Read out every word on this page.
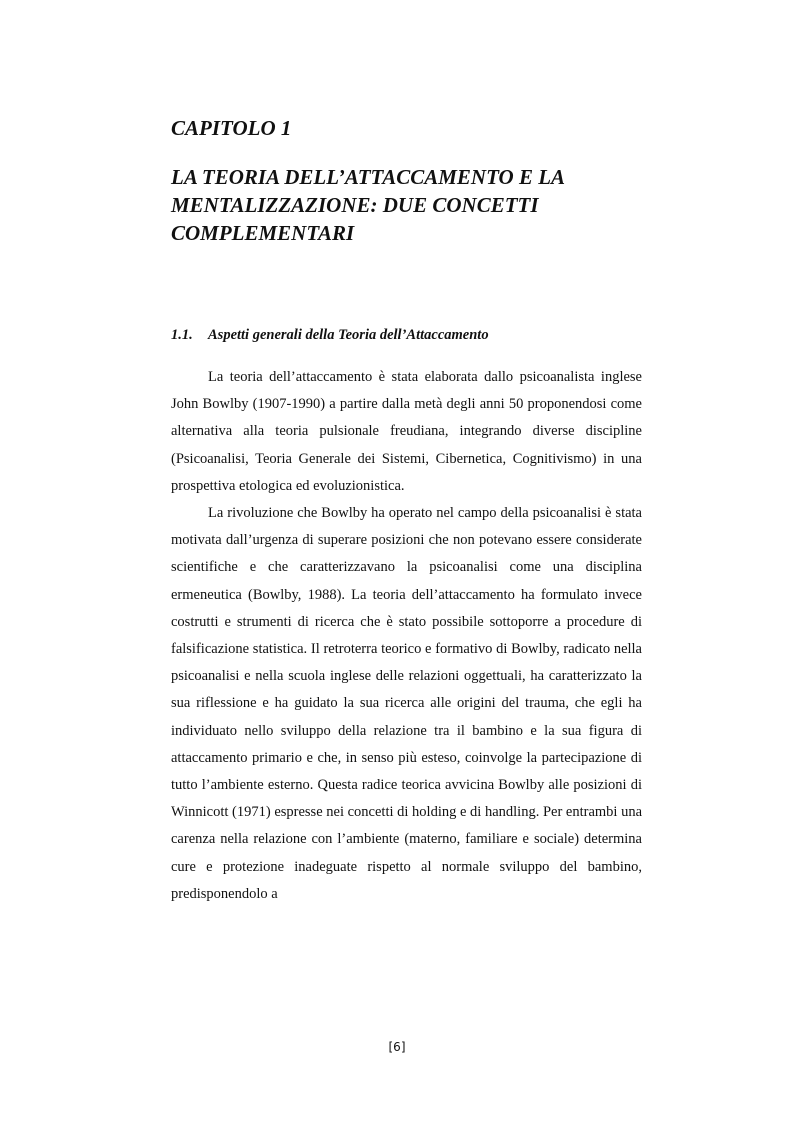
CAPITOLO 1
LA TEORIA DELL’ATTACCAMENTO E LA
MENTALIZZAZIONE: DUE CONCETTI
COMPLEMENTARI
1.1. Aspetti generali della Teoria dell’Attaccamento

La teoria dell’attaccamento è stata elaborata dallo psicoanalista inglese John Bowlby (1907-1990) a partire dalla metà degli anni 50 proponendosi come alternativa alla teoria pulsionale freudiana, integrando diverse discipline (Psicoanalisi, Teoria Generale dei Sistemi, Cibernetica, Cognitivismo) in una prospettiva etologica ed evoluzionistica.

La rivoluzione che Bowlby ha operato nel campo della psicoanalisi è stata motivata dall’urgenza di superare posizioni che non potevano essere considerate scientifiche e che caratterizzavano la psicoanalisi come una disciplina ermeneutica (Bowlby, 1988). La teoria dell’attaccamento ha formulato invece costrutti e strumenti di ricerca che è stato possibile sottoporre a procedure di falsificazione statistica. Il retroterra teorico e formativo di Bowlby, radicato nella psicoanalisi e nella scuola inglese delle relazioni oggettuali, ha caratterizzato la sua riflessione e ha guidato la sua ricerca alle origini del trauma, che egli ha individuato nello sviluppo della relazione tra il bambino e la sua figura di attaccamento primario e che, in senso più esteso, coinvolge la partecipazione di tutto l’ambiente esterno. Questa radice teorica avvicina Bowlby alle posizioni di Winnicott (1971) espresse nei concetti di holding e di handling. Per entrambi una carenza nella relazione con l’ambiente (materno, familiare e sociale) determina cure e protezione inadeguate rispetto al normale sviluppo del bambino, predisponendolo a

[6]
